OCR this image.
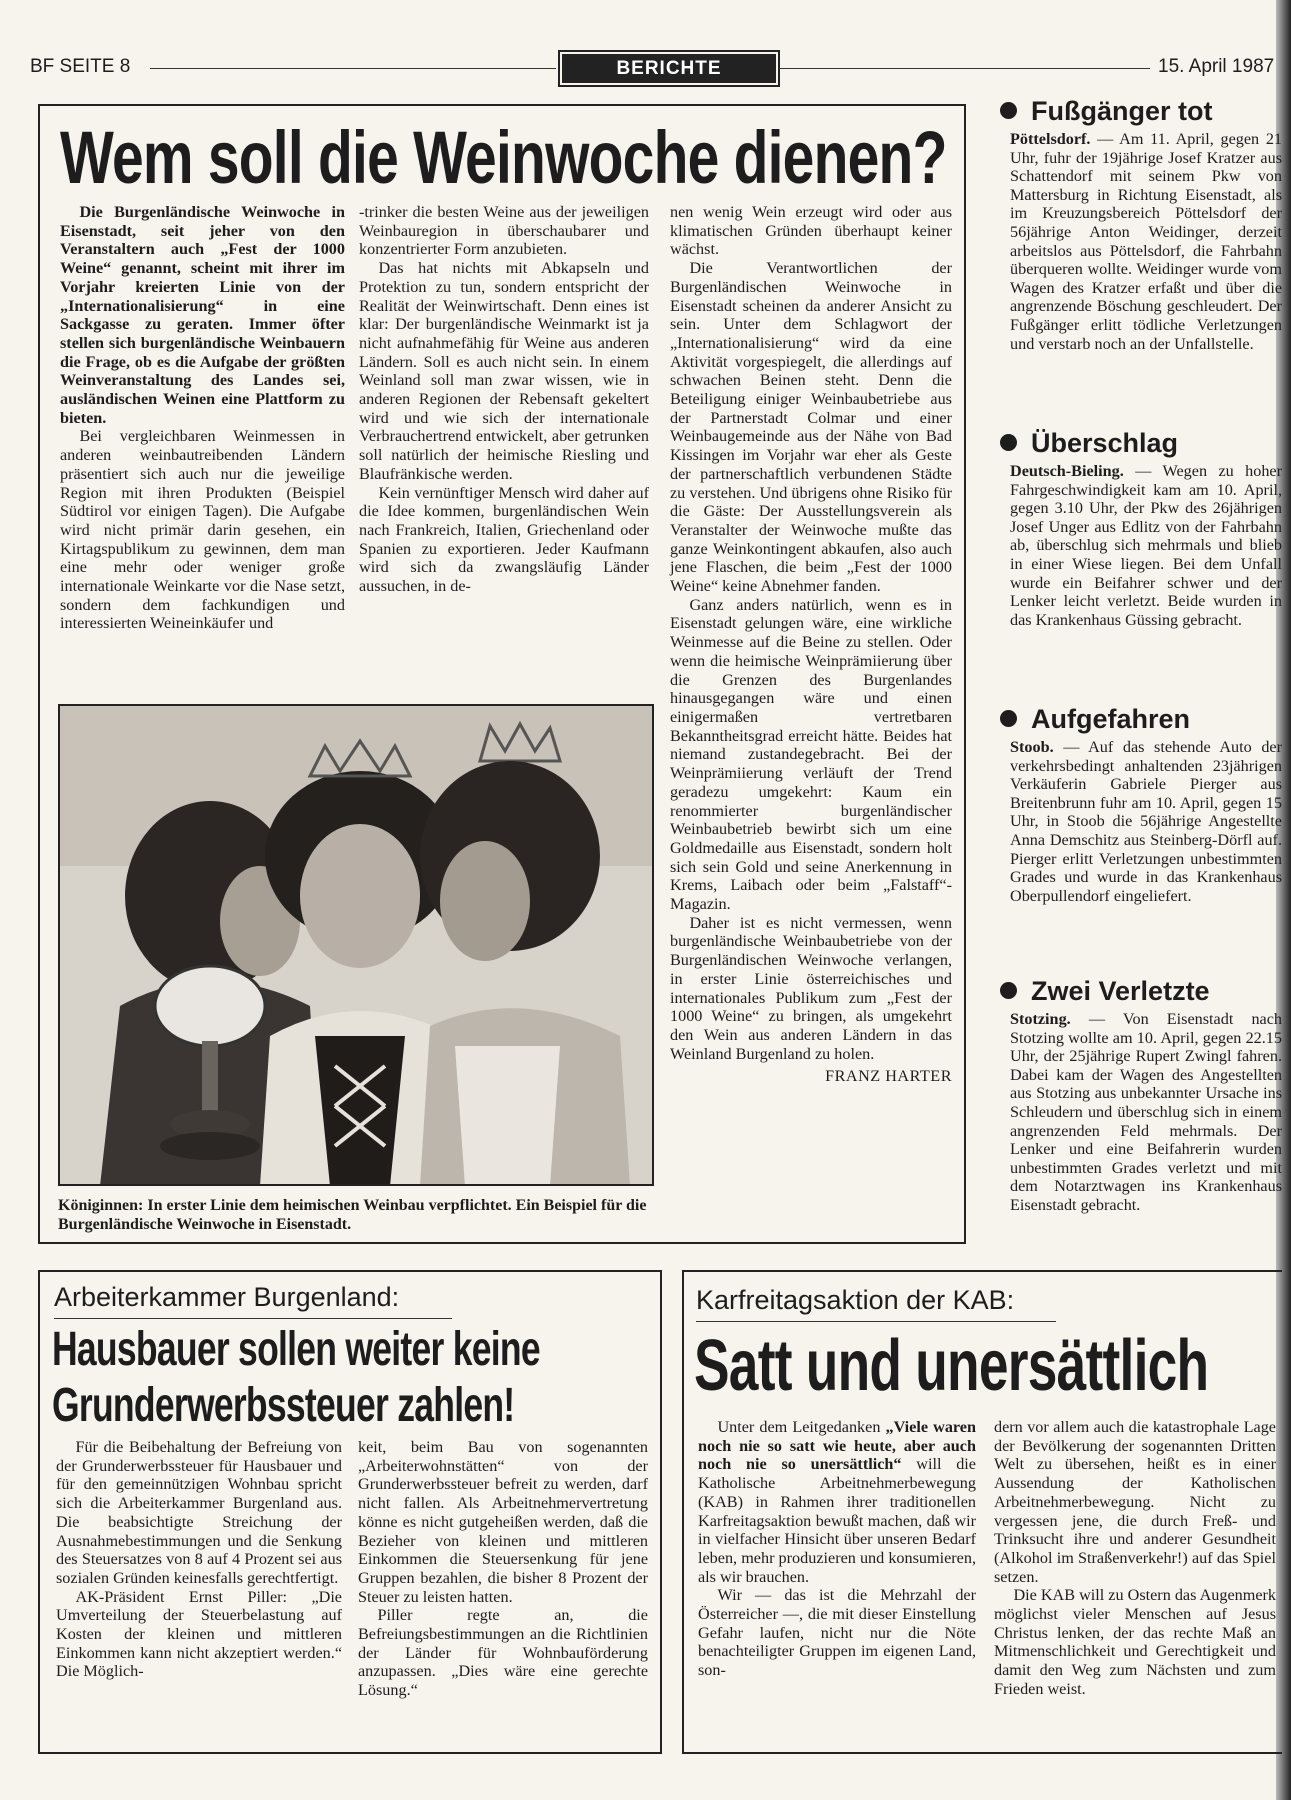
BF SEITE 8	BERICHTE	15. April 1987
Wem soll die Weinwoche dienen?

Die Burgenländische Weinwoche in Eisenstadt, seit jeher von den Veranstaltern auch „Fest der 1000 Weine“ genannt, scheint mit ihrer im Vorjahr kreierten Linie von der „Internationalisierung“ in eine Sackgasse zu geraten. Immer öfter stellen sich burgenländische Weinbauern die Frage, ob es die Aufgabe der größten Weinveranstaltung des Landes sei, ausländischen Weinen eine Plattform zu bieten.

Bei vergleichbaren Weinmessen in anderen weinbautreibenden Ländern präsentiert sich auch nur die jeweilige Region mit ihren Produkten (Beispiel Südtirol vor einigen Tagen). Die Aufgabe wird nicht primär darin gesehen, ein Kirtagspublikum zu gewinnen, dem man eine mehr oder weniger große internationale Weinkarte vor die Nase setzt, sondern dem fachkundigen und interessierten Weineinkäufer und

-trinker die besten Weine aus der jeweiligen Weinbauregion in überschaubarer und konzentrierter Form anzubieten.

Das hat nichts mit Abkapseln und Protektion zu tun, sondern entspricht der Realität der Weinwirtschaft. Denn eines ist klar: Der burgenländische Weinmarkt ist ja nicht aufnahmefähig für Weine aus anderen Ländern. Soll es auch nicht sein. In einem Weinland soll man zwar wissen, wie in anderen Regionen der Rebensaft gekeltert wird und wie sich der internationale Verbrauchertrend entwickelt, aber getrunken soll natürlich der heimische Riesling und Blaufränkische werden.

Kein vernünftiger Mensch wird daher auf die Idee kommen, burgenländischen Wein nach Frankreich, Italien, Griechenland oder Spanien zu exportieren. Jeder Kaufmann wird sich da zwangsläufig Länder aussuchen, in de-

nen wenig Wein erzeugt wird oder aus klimatischen Gründen überhaupt keiner wächst.

Die Verantwortlichen der Burgenländischen Weinwoche in Eisenstadt scheinen da anderer Ansicht zu sein. Unter dem Schlagwort der „Internationalisierung“ wird da eine Aktivität vorgespiegelt, die allerdings auf schwachen Beinen steht. Denn die Beteiligung einiger Weinbaubetriebe aus der Partnerstadt Colmar und einer Weinbaugemeinde aus der Nähe von Bad Kissingen im Vorjahr war eher als Geste der partnerschaftlich verbundenen Städte zu verstehen. Und übrigens ohne Risiko für die Gäste: Der Ausstellungsverein als Veranstalter der Weinwoche mußte das ganze Weinkontingent abkaufen, also auch jene Flaschen, die beim „Fest der 1000 Weine“ keine Abnehmer fanden.

Ganz anders natürlich, wenn es in Eisenstadt gelungen wäre, eine wirkliche Weinmesse auf die Beine zu stellen. Oder wenn die heimische Weinprämiierung über die Grenzen des Burgenlandes hinausgegangen wäre und einen einigermaßen vertretbaren Bekanntheitsgrad erreicht hätte. Beides hat niemand zustandegebracht. Bei der Weinprämiierung verläuft der Trend geradezu umgekehrt: Kaum ein renommierter burgenländischer Weinbaubetrieb bewirbt sich um eine Goldmedaille aus Eisenstadt, sondern holt sich sein Gold und seine Anerkennung in Krems, Laibach oder beim „Falstaff“-Magazin.

Daher ist es nicht vermessen, wenn burgenländische Weinbaubetriebe von der Burgenländischen Weinwoche verlangen, in erster Linie österreichisches und internationales Publikum zum „Fest der 1000 Weine“ zu bringen, als umgekehrt den Wein aus anderen Ländern in das Weinland Burgenland zu holen.

FRANZ HARTER
Königinnen: In erster Linie dem heimischen Weinbau verpflichtet. Ein Beispiel für die Burgenländische Weinwoche in Eisenstadt.
Fußgänger tot
Pöttelsdorf. — Am 11. April, gegen 21 Uhr, fuhr der 19jährige Josef Kratzer aus Schattendorf mit seinem Pkw von Mattersburg in Richtung Eisenstadt, als im Kreuzungsbereich Pöttelsdorf der 56jährige Anton Weidinger, derzeit arbeitslos aus Pöttelsdorf, die Fahrbahn überqueren wollte. Weidinger wurde vom Wagen des Kratzer erfaßt und über die angrenzende Böschung geschleudert. Der Fußgänger erlitt tödliche Verletzungen und verstarb noch an der Unfallstelle.
Überschlag
Deutsch-Bieling. — Wegen zu hoher Fahrgeschwindigkeit kam am 10. April, gegen 3.10 Uhr, der Pkw des 26jährigen Josef Unger aus Edlitz von der Fahrbahn ab, überschlug sich mehrmals und blieb in einer Wiese liegen. Bei dem Unfall wurde ein Beifahrer schwer und der Lenker leicht verletzt. Beide wurden in das Krankenhaus Güssing gebracht.
Aufgefahren
Stoob. — Auf das stehende Auto der verkehrsbedingt anhaltenden 23jährigen Verkäuferin Gabriele Pierger aus Breitenbrunn fuhr am 10. April, gegen 15 Uhr, in Stoob die 56jährige Angestellte Anna Demschitz aus Steinberg-Dörfl auf. Pierger erlitt Verletzungen unbestimmten Grades und wurde in das Krankenhaus Oberpullendorf eingeliefert.
Zwei Verletzte
Stotzing. — Von Eisenstadt nach Stotzing wollte am 10. April, gegen 22.15 Uhr, der 25jährige Rupert Zwingl fahren. Dabei kam der Wagen des Angestellten aus Stotzing aus unbekannter Ursache ins Schleudern und überschlug sich in einem angrenzenden Feld mehrmals. Der Lenker und eine Beifahrerin wurden unbestimmten Grades verletzt und mit dem Notarztwagen ins Krankenhaus Eisenstadt gebracht.
Arbeiterkammer Burgenland:
Hausbauer sollen weiter keine
Grunderwerbssteuer zahlen!

Für die Beibehaltung der Befreiung von der Grunderwerbssteuer für Hausbauer und für den gemeinnützigen Wohnbau spricht sich die Arbeiterkammer Burgenland aus. Die beabsichtigte Streichung der Ausnahmebestimmungen und die Senkung des Steuersatzes von 8 auf 4 Prozent sei aus sozialen Gründen keinesfalls gerechtfertigt.

AK-Präsident Ernst Piller: „Die Umverteilung der Steuerbelastung auf Kosten der kleinen und mittleren Einkommen kann nicht akzeptiert werden.“ Die Möglich-

keit, beim Bau von sogenannten „Arbeiterwohnstätten“ von der Grunderwerbssteuer befreit zu werden, darf nicht fallen. Als Arbeitnehmervertretung könne es nicht gutgeheißen werden, daß die Bezieher von kleinen und mittleren Einkommen die Steuersenkung für jene Gruppen bezahlen, die bisher 8 Prozent der Steuer zu leisten hatten.

Piller regte an, die Befreiungsbestimmungen an die Richtlinien der Länder für Wohnbauförderung anzupassen. „Dies wäre eine gerechte Lösung.“

Karfreitagsaktion der KAB:
Satt und unersättlich

Unter dem Leitgedanken „Viele waren noch nie so satt wie heute, aber auch noch nie so unersättlich“ will die Katholische Arbeitnehmerbewegung (KAB) in Rahmen ihrer traditionellen Karfreitagsaktion bewußt machen, daß wir in vielfacher Hinsicht über unseren Bedarf leben, mehr produzieren und konsumieren, als wir brauchen.

Wir — das ist die Mehrzahl der Österreicher —, die mit dieser Einstellung Gefahr laufen, nicht nur die Nöte benachteiligter Gruppen im eigenen Land, son-

dern vor allem auch die katastrophale Lage der Bevölkerung der sogenannten Dritten Welt zu übersehen, heißt es in einer Aussendung der Katholischen Arbeitnehmerbewegung. Nicht zu vergessen jene, die durch Freß- und Trinksucht ihre und anderer Gesundheit (Alkohol im Straßenverkehr!) auf das Spiel setzen.

Die KAB will zu Ostern das Augenmerk möglichst vieler Menschen auf Jesus Christus lenken, der das rechte Maß an Mitmenschlichkeit und Gerechtigkeit und damit den Weg zum Nächsten und zum Frieden weist.
